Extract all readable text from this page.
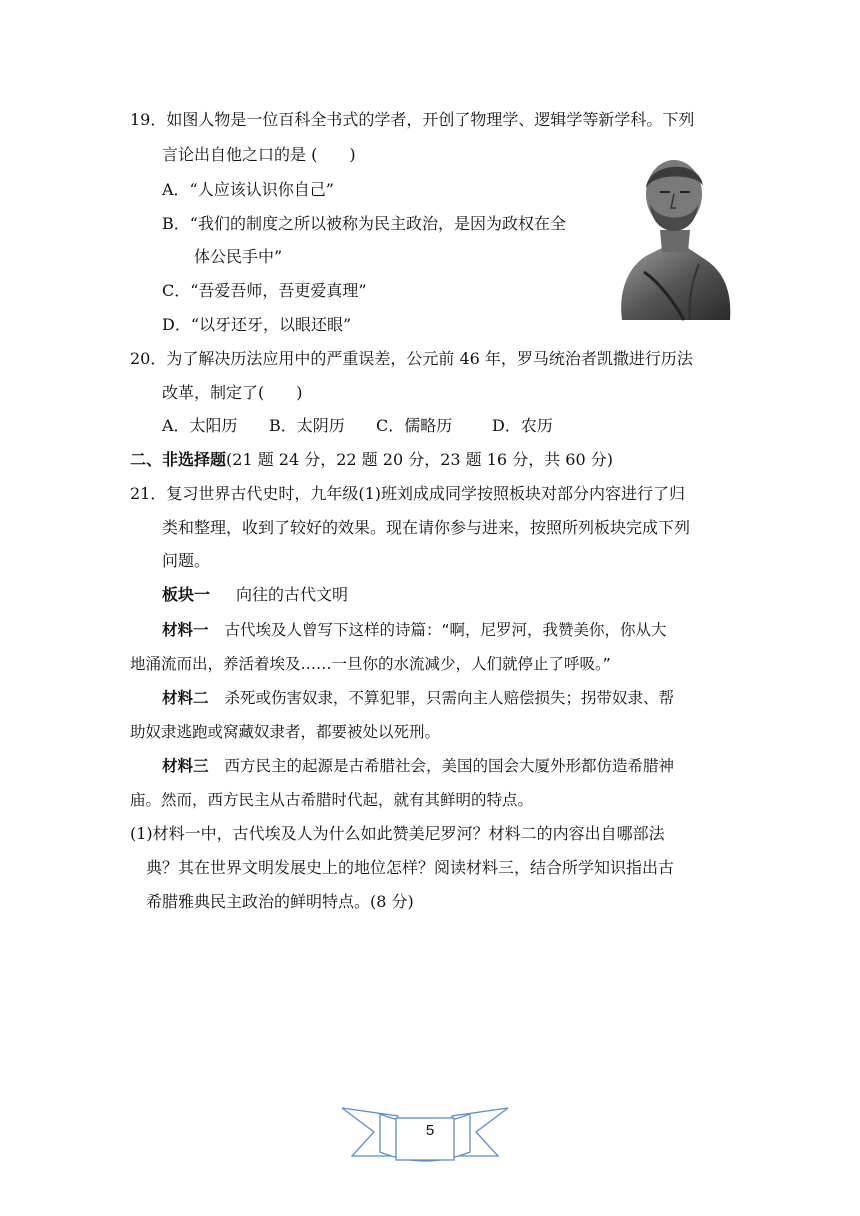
19．如图人物是一位百科全书式的学者，开创了物理学、逻辑学等新学科。下列
言论出自他之口的是 (　　)
A．“人应该认识你自己”
B．“我们的制度之所以被称为民主政治，是因为政权在全
体公民手中”
C．“吾爱吾师，吾更爱真理”
D．“以牙还牙，以眼还眼”
20．为了解决历法应用中的严重误差，公元前 46 年，罗马统治者凯撒进行历法
改革，制定了(　　)
A．太阳历 B．太阴历 C．儒略历 D．农历
二、非选择题(21 题 24 分，22 题 20 分，23 题 16 分，共 60 分)
21．复习世界古代史时，九年级(1)班刘成成同学按照板块对部分内容进行了归
类和整理，收到了较好的效果。现在请你参与进来，按照所列板块完成下列
问题。
板块一 向往的古代文明
材料一 古代埃及人曾写下这样的诗篇：“啊，尼罗河，我赞美你，你从大
地涌流而出，养活着埃及……一旦你的水流减少，人们就停止了呼吸。”
材料二 杀死或伤害奴隶，不算犯罪，只需向主人赔偿损失；拐带奴隶、帮
助奴隶逃跑或窝藏奴隶者，都要被处以死刑。
材料三 西方民主的起源是古希腊社会，美国的国会大厦外形都仿造希腊神
庙。然而，西方民主从古希腊时代起，就有其鲜明的特点。
(1)材料一中，古代埃及人为什么如此赞美尼罗河？材料二的内容出自哪部法
典？其在世界文明发展史上的地位怎样？阅读材料三，结合所学知识指出古
希腊雅典民主政治的鲜明特点。(8 分)
5
